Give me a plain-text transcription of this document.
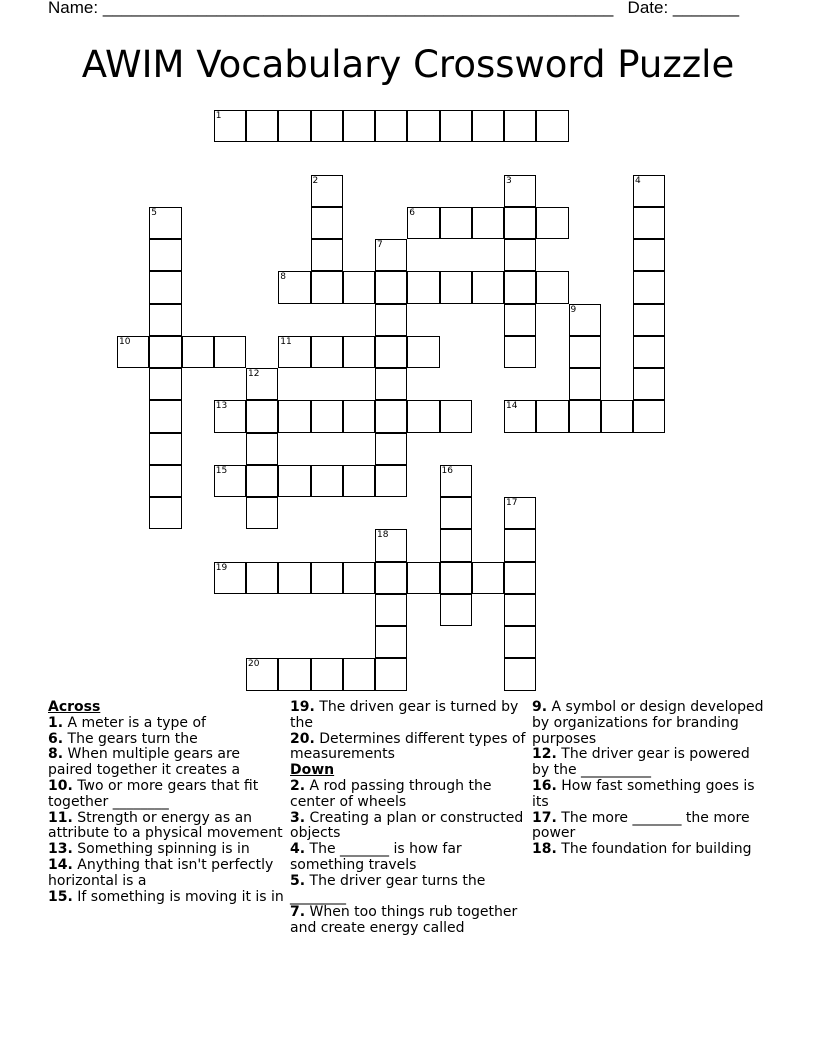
Name: ______________________________________________________ Date: _______
AWIM Vocabulary Crossword Puzzle
1
2	3	4
5	6
7
8
9
10	11
12
13	14
15	16
17
18
19
20

Across

1. A meter is a type of

6. The gears turn the

8. When multiple gears are paired together it creates a

10. Two or more gears that fit together ________

11. Strength or energy as an attribute to a physical movement

13. Something spinning is in

14. Anything that isn't perfectly horizontal is a

15. If something is moving it is in

19. The driven gear is turned by the

20. Determines different types of measurements

Down

2. A rod passing through the center of wheels

3. Creating a plan or constructed objects

4. The _______ is how far something travels

5. The driver gear turns the ________

7. When too things rub together and create energy called

9. A symbol or design developed by organizations for branding purposes

12. The driver gear is powered by the __________

16. How fast something goes is its

17. The more _______ the more power

18. The foundation for building
